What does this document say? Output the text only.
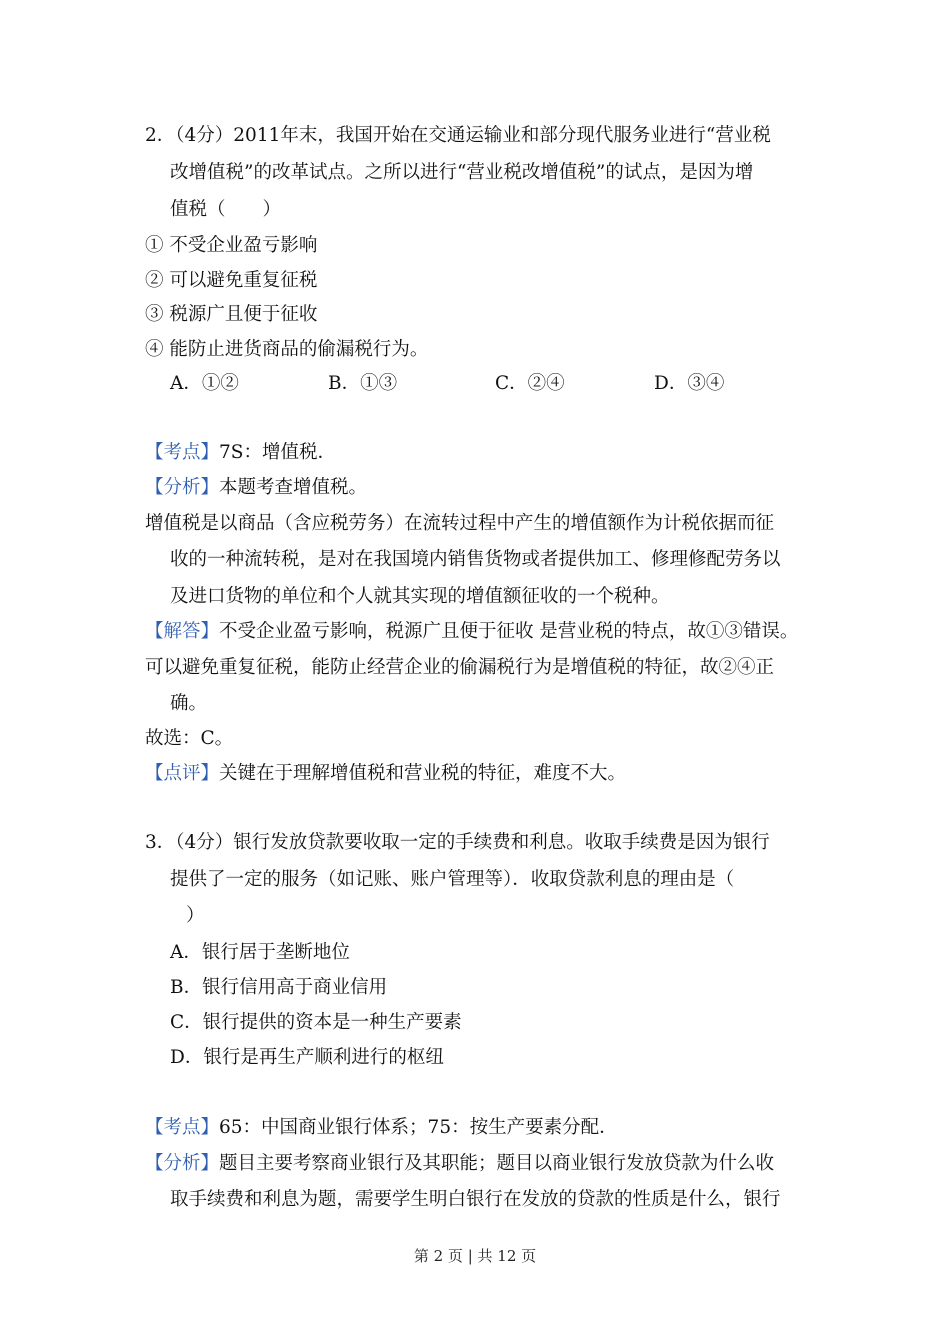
2．（4分）2011年末，我国开始在交通运输业和部分现代服务业进行“营业税
改增值税”的改革试点。之所以进行“营业税改增值税”的试点，是因为增
值税（　　）
① 不受企业盈亏影响
② 可以避免重复征税
③ 税源广且便于征收
④ 能防止进货商品的偷漏税行为。
A．①②	B．①③	C．②④	D．③④
【考点】7S：增值税．
【分析】本题考查增值税。
增值税是以商品（含应税劳务）在流转过程中产生的增值额作为计税依据而征
收的一种流转税，是对在我国境内销售货物或者提供加工、修理修配劳务以
及进口货物的单位和个人就其实现的增值额征收的一个税种。
【解答】不受企业盈亏影响，税源广且便于征收 是营业税的特点，故①③错误。
可以避免重复征税，能防止经营企业的偷漏税行为是增值税的特征，故②④正
确。
故选：C。
【点评】关键在于理解增值税和营业税的特征，难度不大。
3．（4分）银行发放贷款要收取一定的手续费和利息。收取手续费是因为银行
提供了一定的服务（如记账、账户管理等）．收取贷款利息的理由是（
）
A．银行居于垄断地位
B．银行信用高于商业信用
C．银行提供的资本是一种生产要素
D．银行是再生产顺利进行的枢纽
【考点】65：中国商业银行体系；75：按生产要素分配．
【分析】题目主要考察商业银行及其职能；题目以商业银行发放贷款为什么收
取手续费和利息为题，需要学生明白银行在发放的贷款的性质是什么，银行
第 2 页 | 共 12 页
